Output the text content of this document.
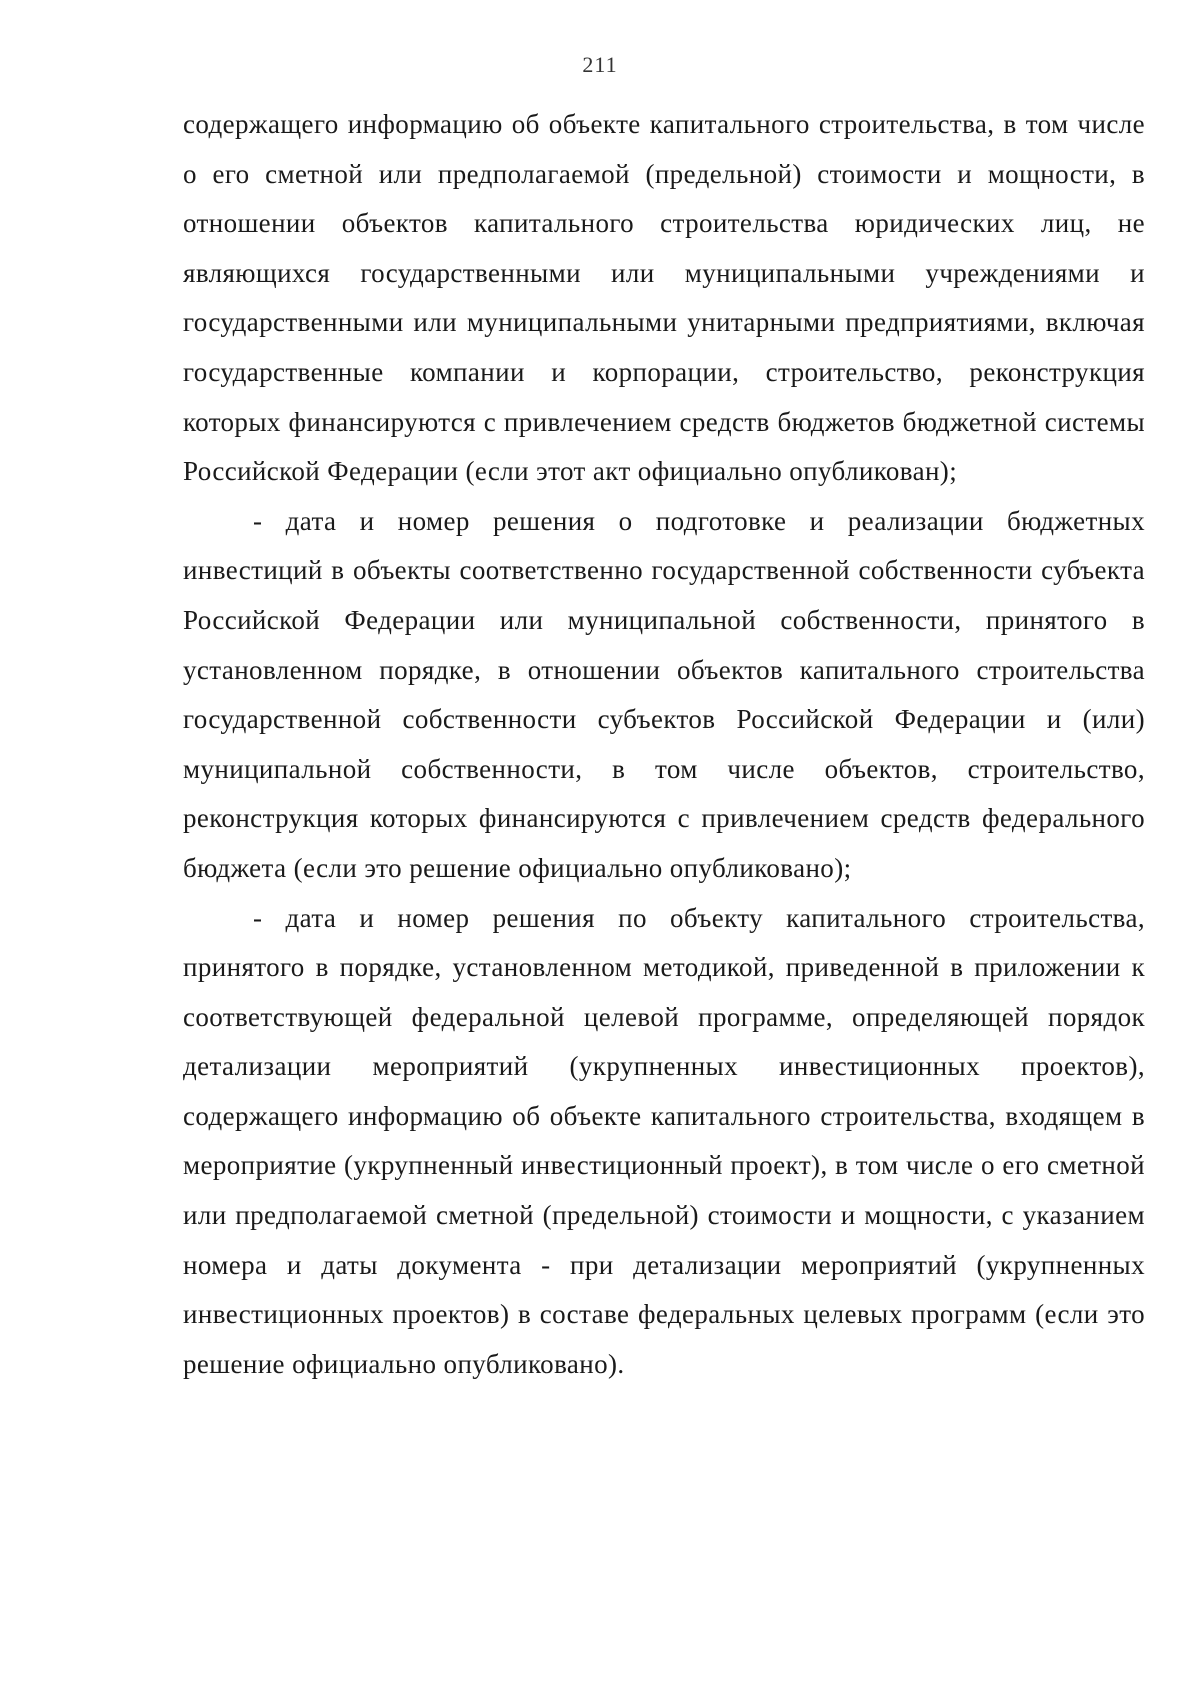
211

содержащего информацию об объекте капитального строительства, в том числе о его сметной или предполагаемой (предельной) стоимости и мощности, в отношении объектов капитального строительства юридических лиц, не являющихся государственными или муниципальными учреждениями и государственными или муниципальными унитарными предприятиями, включая государственные компании и корпорации, строительство, реконструкция которых финансируются с привлечением средств бюджетов бюджетной системы Российской Федерации (если этот акт официально опубликован);

- дата и номер решения о подготовке и реализации бюджетных инвестиций в объекты соответственно государственной собственности субъекта Российской Федерации или муниципальной собственности, принятого в установленном порядке, в отношении объектов капитального строительства государственной собственности субъектов Российской Федерации и (или) муниципальной собственности, в том числе объектов, строительство, реконструкция которых финансируются с привлечением средств федерального бюджета (если это решение официально опубликовано);

- дата и номер решения по объекту капитального строительства, принятого в порядке, установленном методикой, приведенной в приложении к соответствующей федеральной целевой программе, определяющей порядок детализации мероприятий (укрупненных инвестиционных проектов), содержащего информацию об объекте капитального строительства, входящем в мероприятие (укрупненный инвестиционный проект), в том числе о его сметной или предполагаемой сметной (предельной) стоимости и мощности, с указанием номера и даты документа - при детализации мероприятий (укрупненных инвестиционных проектов) в составе федеральных целевых программ (если это решение официально опубликовано).
